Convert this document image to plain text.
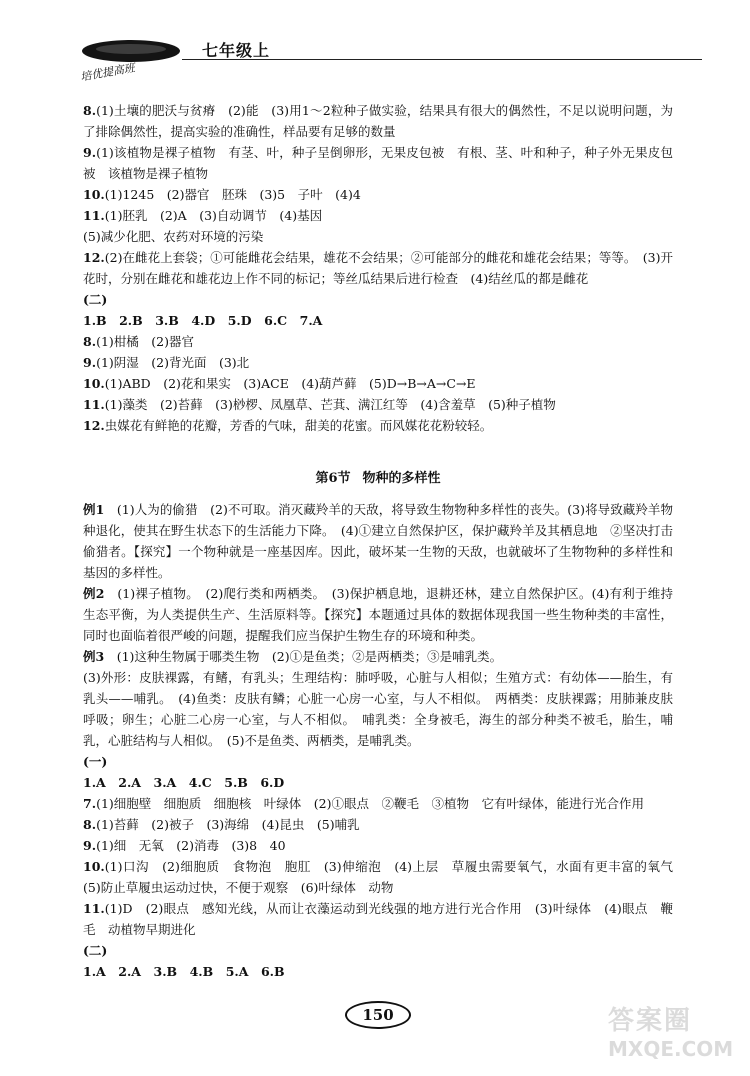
七年级上
培优提高班

8.(1)土壤的肥沃与贫瘠　(2)能　(3)用1～2粒种子做实验，结果具有很大的偶然性，不足以说明问题，为了排除偶然性，提高实验的准确性，样品要有足够的数量

9.(1)该植物是裸子植物　有茎、叶，种子呈倒卵形，无果皮包被　有根、茎、叶和种子，种子外无果皮包被　该植物是裸子植物

10.(1)1245　(2)器官　胚珠　(3)5　子叶　(4)4

11.(1)胚乳　(2)A　(3)自动调节　(4)基因

(5)减少化肥、农药对环境的污染

12.(2)在雌花上套袋；①可能雌花会结果，雄花不会结果；②可能部分的雌花和雄花会结果；等等。　(3)开花时，分别在雌花和雄花边上作不同的标记；等丝瓜结果后进行检查　(4)结丝瓜的都是雌花

(二)

1.B　2.B　3.B　4.D　5.D　6.C　7.A

8.(1)柑橘　(2)器官

9.(1)阴湿　(2)背光面　(3)北

10.(1)ABD　(2)花和果实　(3)ACE　(4)葫芦藓　(5)D→B→A→C→E

11.(1)藻类　(2)苔藓　(3)桫椤、凤凰草、芒萁、满江红等　(4)含羞草　(5)种子植物

12.虫媒花有鲜艳的花瓣，芳香的气味，甜美的花蜜。而风媒花花粉较轻。

第6节 物种的多样性

例1　 (1)人为的偷猎　(2)不可取。消灭藏羚羊的天敌，将导致生物物种多样性的丧失。(3)将导致藏羚羊物种退化，使其在野生状态下的生活能力下降。　(4)①建立自然保护区，保护藏羚羊及其栖息地　②坚决打击偷猎者。【探究】一个物种就是一座基因库。因此，破坏某一生物的天敌，也就破坏了生物物种的多样性和基因的多样性。

例2　 (1)裸子植物。　(2)爬行类和两栖类。　(3)保护栖息地，退耕还林，建立自然保护区。(4)有利于维持生态平衡，为人类提供生产、生活原料等。【探究】本题通过具体的数据体现我国一些生物种类的丰富性，同时也面临着很严峻的问题，提醒我们应当保护生物生存的环境和种类。

例3　 (1)这种生物属于哪类生物　(2)①是鱼类；②是两栖类；③是哺乳类。

(3)外形：皮肤裸露，有鳍，有乳头；生理结构：肺呼吸，心脏与人相似；生殖方式：有幼体——胎生，有乳头——哺乳。　(4)鱼类：皮肤有鳞；心脏一心房一心室，与人不相似。　两栖类：皮肤裸露；用肺兼皮肤呼吸；卵生；心脏二心房一心室，与人不相似。　哺乳类：全身被毛，海生的部分种类不被毛，胎生，哺乳，心脏结构与人相似。　(5)不是鱼类、两栖类，是哺乳类。

(一)

1.A　2.A　3.A　4.C　5.B　6.D

7.(1)细胞壁　细胞质　细胞核　叶绿体　(2)①眼点　②鞭毛　③植物　它有叶绿体，能进行光合作用

8.(1)苔藓　(2)被子　(3)海绵　(4)昆虫　(5)哺乳

9.(1)细　无氧　(2)消毒　(3)8　40

10.(1)口沟　(2)细胞质　食物泡　胞肛　(3)伸缩泡　(4)上层　草履虫需要氧气，水面有更丰富的氧气　(5)防止草履虫运动过快，不便于观察　(6)叶绿体　动物

11.(1)D　(2)眼点　感知光线，从而让衣藻运动到光线强的地方进行光合作用　(3)叶绿体　(4)眼点　鞭毛　动植物早期进化

(二)

1.A　2.A　3.B　4.B　5.A　6.B

150	答案圈
MXQE.COM
